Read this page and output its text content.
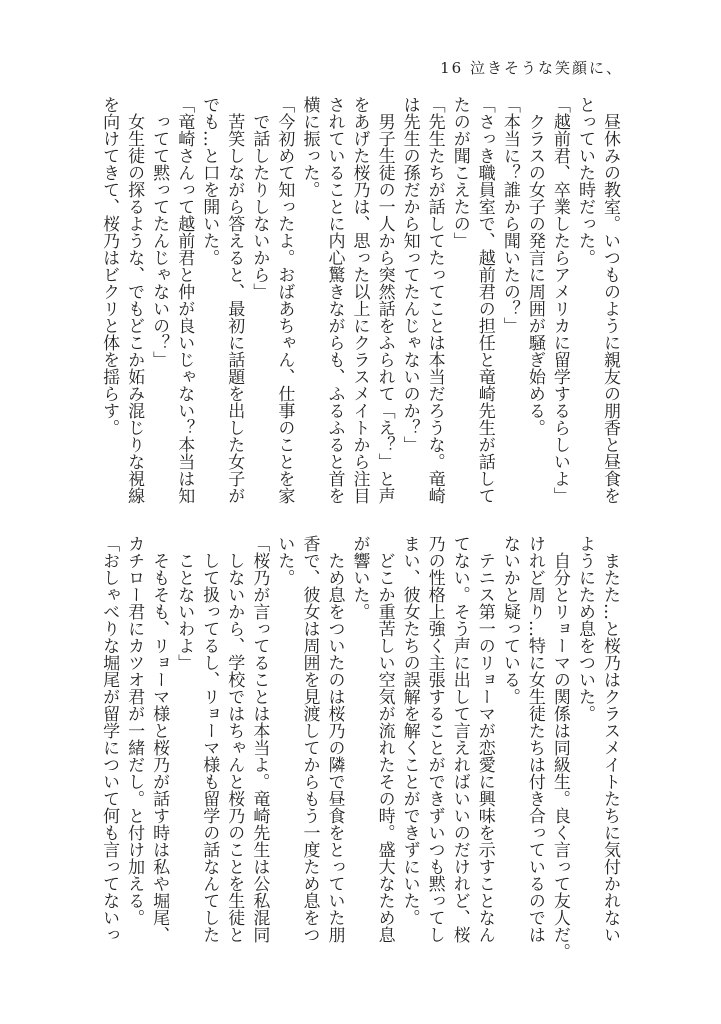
16 泣きそうな笑顔に、
　昼休みの教室。いつものように親友の朋香と昼食を
とっていた時だった。
「越前君、卒業したらアメリカに留学するらしいよ」
　クラスの女子の発言に周囲が騒ぎ始める。
「本当に？誰から聞いたの？」
「さっき職員室で、越前君の担任と竜崎先生が話して
たのが聞こえたの」
「先生たちが話してたってことは本当だろうな。竜崎
は先生の孫だから知ってたんじゃないのか？」
　男子生徒の一人から突然話をふられて「え？」と声
をあげた桜乃は、思った以上にクラスメイトから注目
されていることに内心驚きながらも、ふるふると首を
横に振った。
「今初めて知ったよ。おばあちゃん、仕事のことを家
　で話したりしないから」
　苦笑しながら答えると、最初に話題を出した女子が
でも…と口を開いた。
「竜崎さんって越前君と仲が良いじゃない？本当は知
　ってて黙ってたんじゃないの？」
　女生徒の探るような、でもどこか妬み混じりな視線
を向けてきて、桜乃はビクリと体を揺らす。
　またた…と桜乃はクラスメイトたちに気付かれない
ようにため息をついた。
　自分とリョーマの関係は同級生。良く言って友人だ。
けれど周り…特に女生徒たちは付き合っているのでは
ないかと疑っている。
　テニス第一のリョーマが恋愛に興味を示すことなん
てない。そう声に出して言えればいいのだけれど、桜
乃の性格上強く主張することができずいつも黙ってし
まい、彼女たちの誤解を解くことができずにいた。
　どこか重苦しい空気が流れたその時。盛大なため息
が響いた。
　ため息をついたのは桜乃の隣で昼食をとっていた朋
香で、彼女は周囲を見渡してからもう一度ため息をつ
いた。
「桜乃が言ってることは本当よ。竜崎先生は公私混同
　しないから、学校ではちゃんと桜乃のことを生徒と
　して扱ってるし、リョーマ様も留学の話なんてした
　ことないわよ」
　そもそも、リョーマ様と桜乃が話す時は私や堀尾、
カチロー君にカツオ君が一緒だし。と付け加える。
「おしゃべりな堀尾が留学について何も言ってないっ
